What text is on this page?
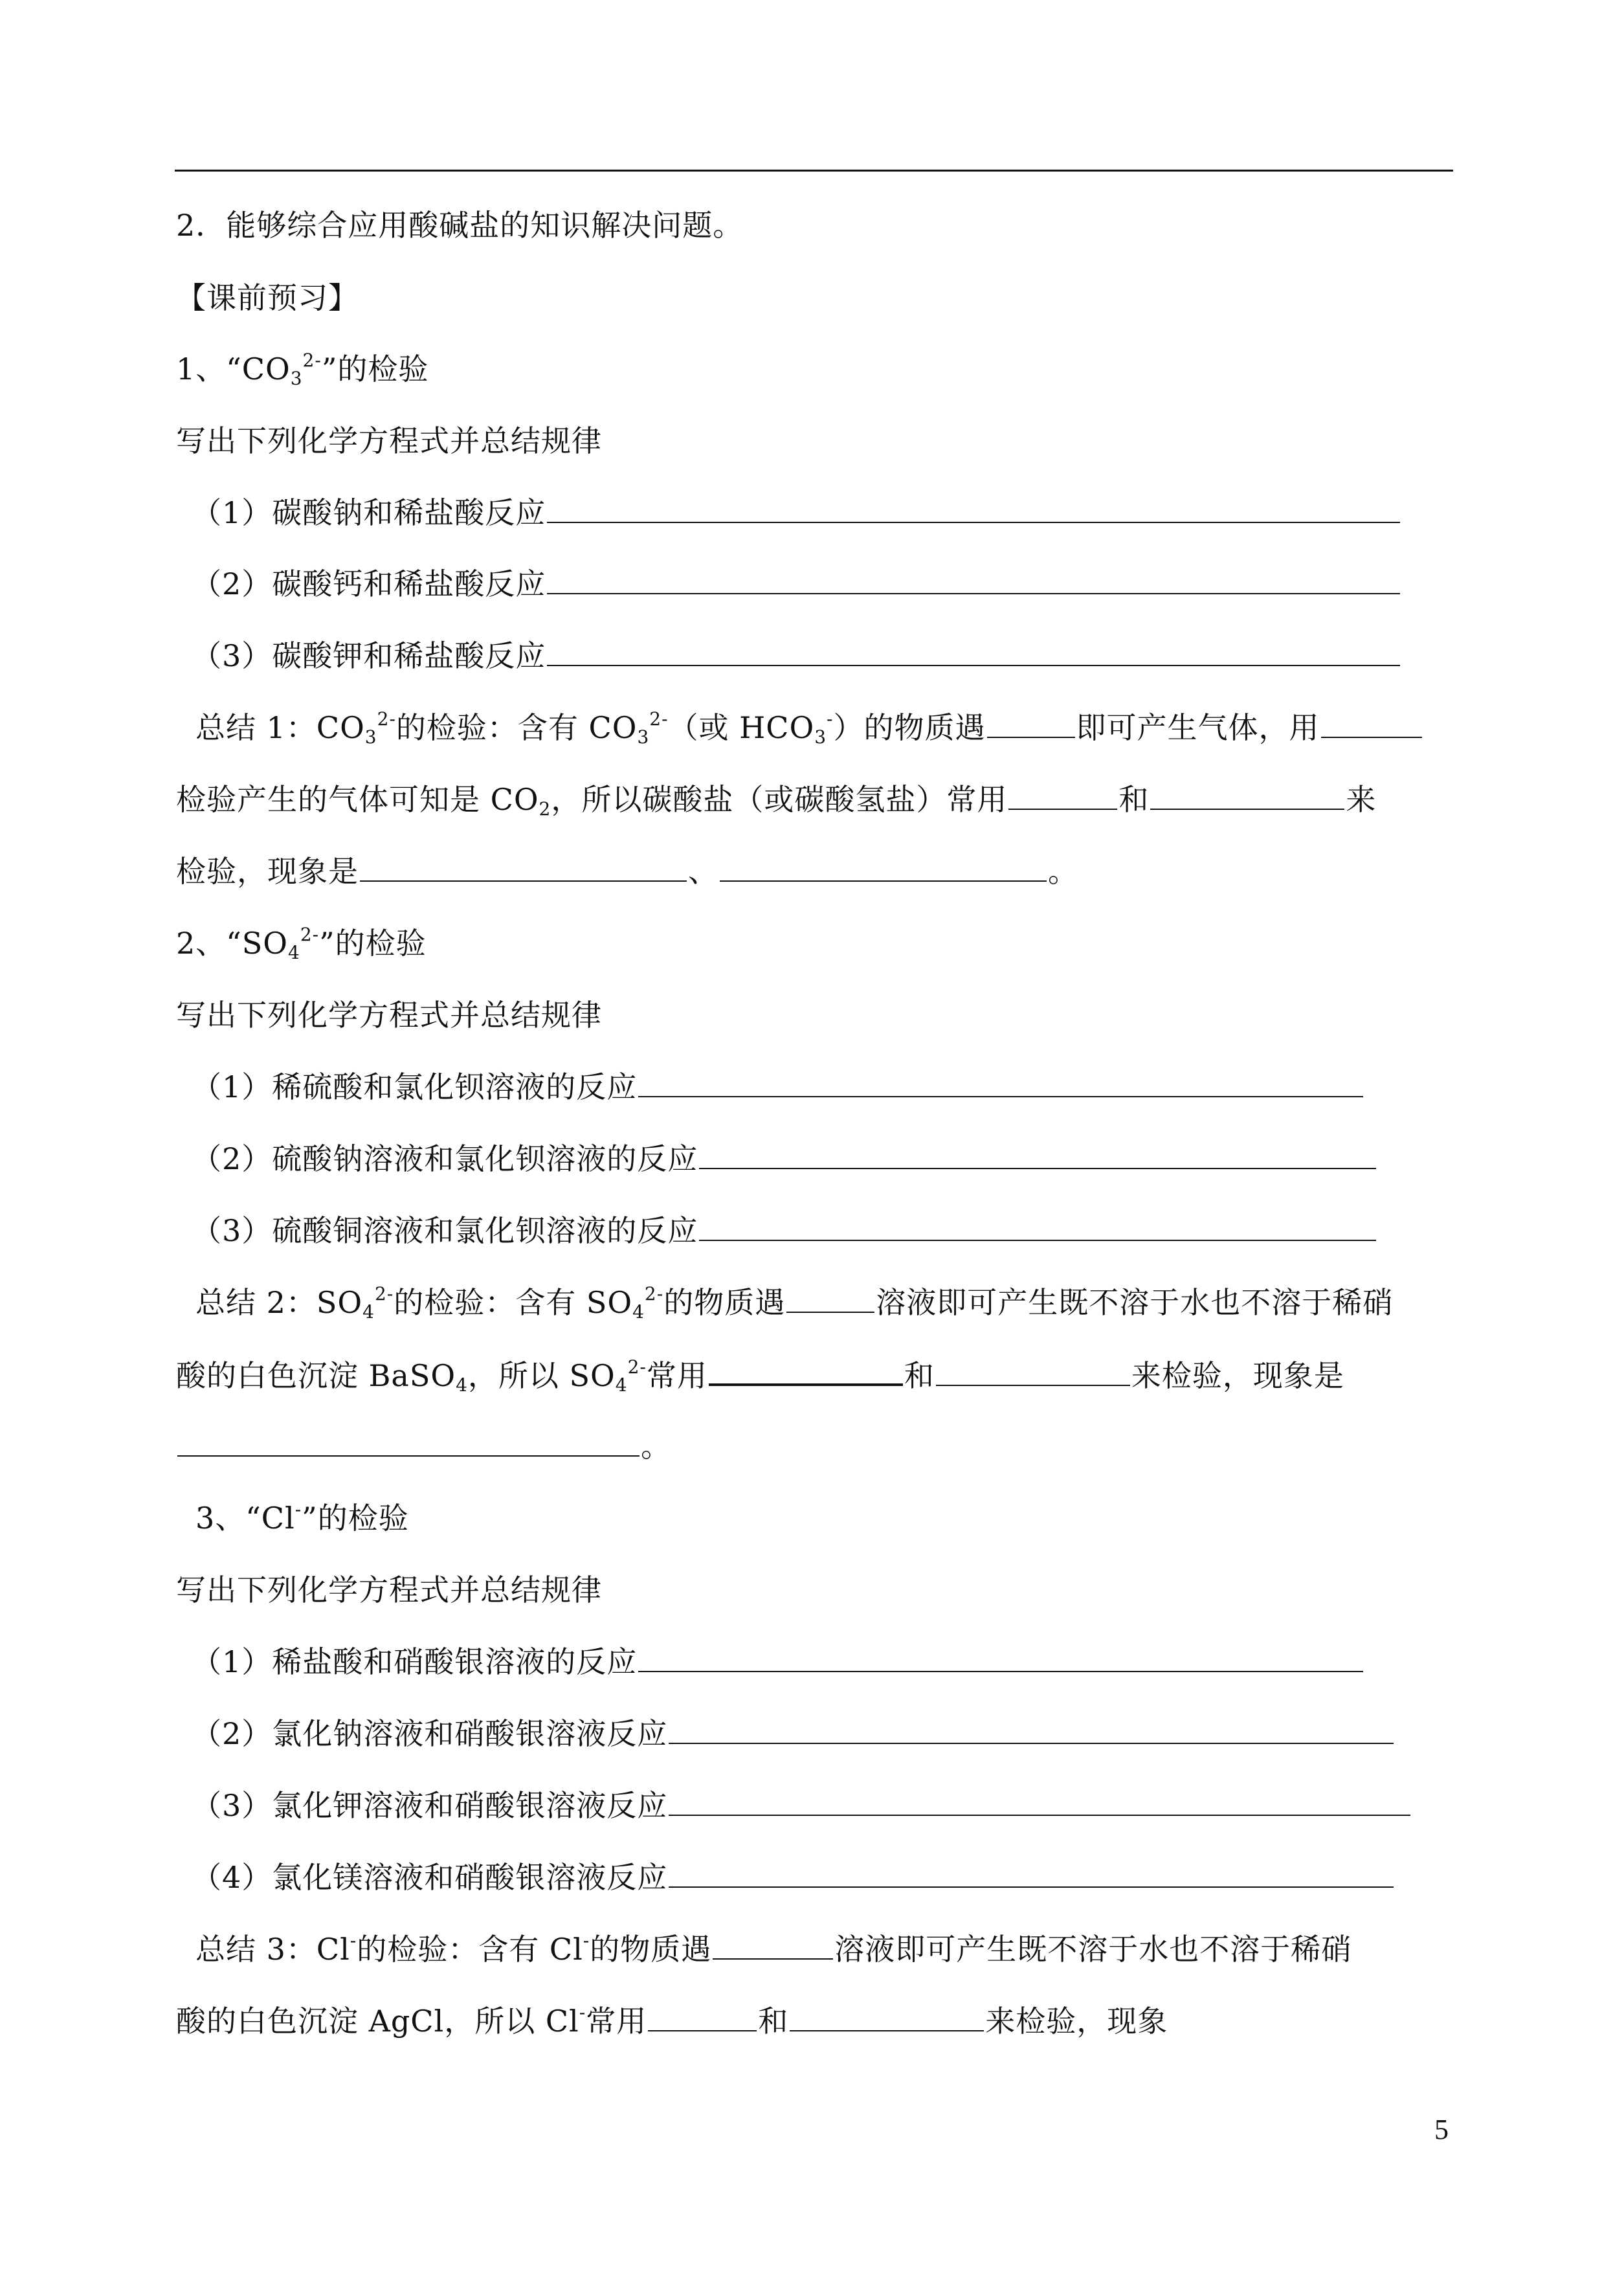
2．能够综合应用酸碱盐的知识解决问题。
【课前预习】
1、“$CO_3^{2-}$”的检验
写出下列化学方程式并总结规律
（1）碳酸钠和稀盐酸反应
（2）碳酸钙和稀盐酸反应
（3）碳酸钾和稀盐酸反应
总结 1：$CO_3^{2-}$的检验：含有 $CO_3^{2-}$（或 $HCO_3^-$）的物质遇	即可产生气体，用
检验产生的气体可知是 $CO_2$，所以碳酸盐（或碳酸氢盐）常用	和	来
检验，现象是	、	。
2、“$SO_4^{2-}$”的检验
写出下列化学方程式并总结规律
（1）稀硫酸和氯化钡溶液的反应
（2）硫酸钠溶液和氯化钡溶液的反应
（3）硫酸铜溶液和氯化钡溶液的反应
总结 2：$SO_4^{2-}$的检验：含有 $SO_4^{2-}$的物质遇	溶液即可产生既不溶于水也不溶于稀硝
酸的白色沉淀 BaSO$_4$，所以 $SO_4^{2-}$常用	和	来检验，现象是
。
3、“Cl-”的检验
写出下列化学方程式并总结规律
（1）稀盐酸和硝酸银溶液的反应
（2）氯化钠溶液和硝酸银溶液反应
（3）氯化钾溶液和硝酸银溶液反应
（4）氯化镁溶液和硝酸银溶液反应
总结 3：Cl-的检验：含有 Cl-的物质遇	溶液即可产生既不溶于水也不溶于稀硝
酸的白色沉淀 AgCl，所以 Cl-常用	和	来检验，现象
5
